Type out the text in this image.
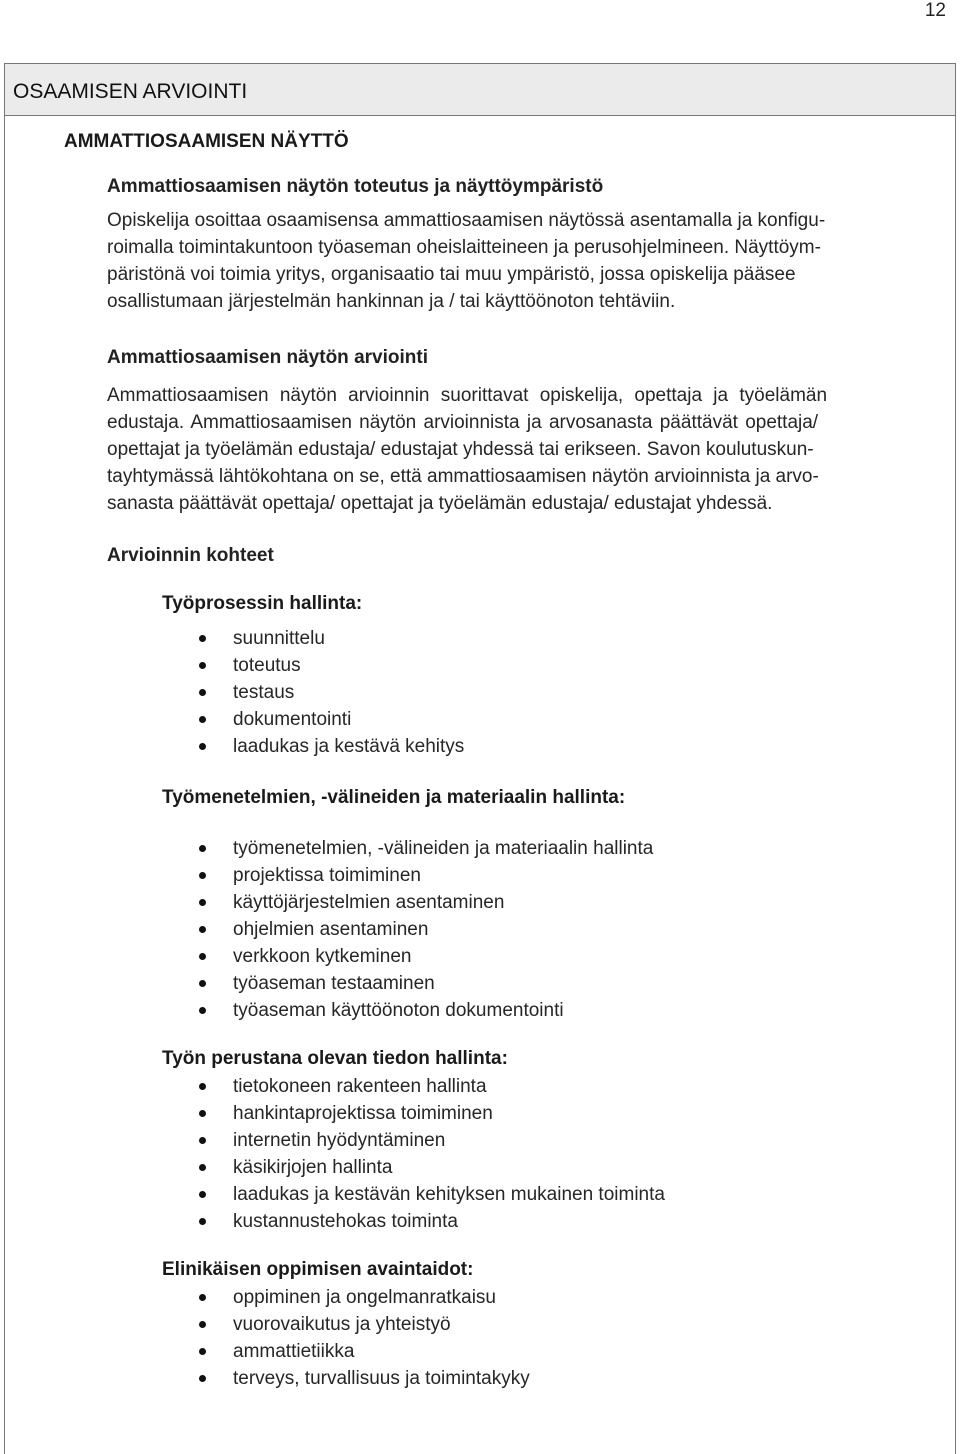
12
OSAAMISEN ARVIOINTI
AMMATTIOSAAMISEN NÄYTTÖ
Ammattiosaamisen näytön toteutus ja näyttöympäristö
Opiskelija osoittaa osaamisensa ammattiosaamisen näytössä asentamalla ja konfigu-
roimalla toimintakuntoon työaseman oheislaitteineen ja perusohjelmineen. Näyttöym-
päristönä voi toimia yritys, organisaatio tai muu ympäristö, jossa opiskelija pääsee
osallistumaan järjestelmän hankinnan ja / tai käyttöönoton tehtäviin.
Ammattiosaamisen näytön arviointi
Ammattiosaamisen näytön arvioinnin suorittavat opiskelija, opettaja ja työelämän
edustaja. Ammattiosaamisen näytön arvioinnista ja arvosanasta päättävät opettaja/
opettajat ja työelämän edustaja/ edustajat yhdessä tai erikseen. Savon koulutuskun-
tayhtymässä lähtökohtana on se, että ammattiosaamisen näytön arvioinnista ja arvo-
sanasta päättävät opettaja/ opettajat ja työelämän edustaja/ edustajat yhdessä.
Arvioinnin kohteet
Työprosessin hallinta:
suunnittelu
toteutus
testaus
dokumentointi
laadukas ja kestävä kehitys
Työmenetelmien, -välineiden ja materiaalin hallinta:
työmenetelmien, -välineiden ja materiaalin hallinta
projektissa toimiminen
käyttöjärjestelmien asentaminen
ohjelmien asentaminen
verkkoon kytkeminen
työaseman testaaminen
työaseman käyttöönoton dokumentointi
Työn perustana olevan tiedon hallinta:
tietokoneen rakenteen hallinta
hankintaprojektissa toimiminen
internetin hyödyntäminen
käsikirjojen hallinta
laadukas ja kestävän kehityksen mukainen toiminta
kustannustehokas toiminta
Elinikäisen oppimisen avaintaidot:
oppiminen ja ongelmanratkaisu
vuorovaikutus ja yhteistyö
ammattietiikka
terveys, turvallisuus ja toimintakyky
